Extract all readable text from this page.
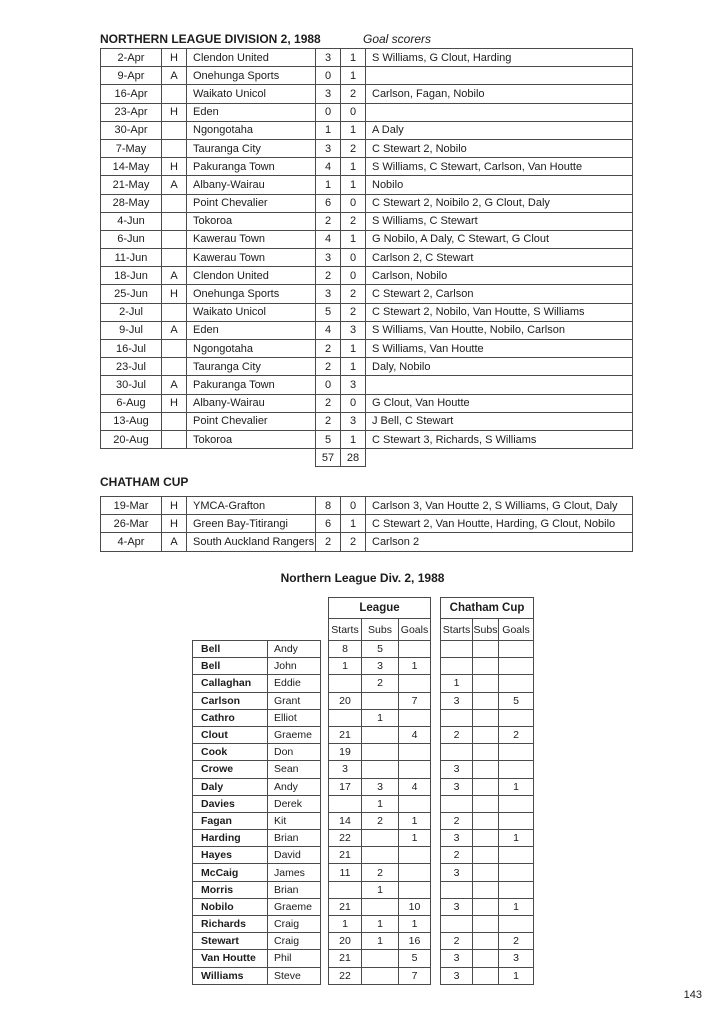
NORTHERN LEAGUE DIVISION 2, 1988	Goal scorers
2-Apr	H	Clendon United	3	1	S Williams, G Clout, Harding
9-Apr	A	Onehunga Sports	0	1	
16-Apr		Waikato Unicol	3	2	Carlson, Fagan, Nobilo
23-Apr	H	Eden	0	0	
30-Apr		Ngongotaha	1	1	A Daly
7-May		Tauranga City	3	2	C Stewart 2, Nobilo
14-May	H	Pakuranga Town	4	1	S Williams, C Stewart, Carlson, Van Houtte
21-May	A	Albany-Wairau	1	1	Nobilo
28-May		Point Chevalier	6	0	C Stewart 2, Noibilo 2, G Clout, Daly
4-Jun		Tokoroa	2	2	S Williams, C Stewart
6-Jun		Kawerau Town	4	1	G Nobilo, A Daly, C Stewart, G Clout
11-Jun		Kawerau Town	3	0	Carlson 2, C Stewart
18-Jun	A	Clendon United	2	0	Carlson, Nobilo
25-Jun	H	Onehunga Sports	3	2	C Stewart 2, Carlson
2-Jul		Waikato Unicol	5	2	C Stewart 2, Nobilo, Van Houtte, S Williams
9-Jul	A	Eden	4	3	S Williams, Van Houtte, Nobilo, Carlson
16-Jul		Ngongotaha	2	1	S Williams, Van Houtte
23-Jul		Tauranga City	2	1	Daly, Nobilo
30-Jul	A	Pakuranga Town	0	3	
6-Aug	H	Albany-Wairau	2	0	G Clout, Van Houtte
13-Aug		Point Chevalier	2	3	J Bell, C Stewart
20-Aug		Tokoroa	5	1	C Stewart 3, Richards, S Williams
			57	28	
CHATHAM CUP
19-Mar	H	YMCA-Grafton	8	0	Carlson 3, Van Houtte 2, S Williams, G Clout, Daly
26-Mar	H	Green Bay-Titirangi	6	1	C Stewart 2, Van Houtte, Harding, G Clout, Nobilo
4-Apr	A	South Auckland Rangers	2	2	Carlson 2
Northern League Div. 2, 1988
			League				Chatham Cup		
			Starts	Subs	Goals		Starts	Subs	Goals
Bell	Andy		8	5					
Bell	John		1	3	1				
Callaghan	Eddie			2			1		
Carlson	Grant		20		7		3		5
Cathro	Elliot			1					
Clout	Graeme		21		4		2		2
Cook	Don		19						
Crowe	Sean		3				3		
Daly	Andy		17	3	4		3		1
Davies	Derek			1					
Fagan	Kit		14	2	1		2		
Harding	Brian		22		1		3		1
Hayes	David		21				2		
McCaig	James		11	2			3		
Morris	Brian			1					
Nobilo	Graeme		21		10		3		1
Richards	Craig		1	1	1				
Stewart	Craig		20	1	16		2		2
Van Houtte	Phil		21		5		3		3
Williams	Steve		22		7		3		1
143
